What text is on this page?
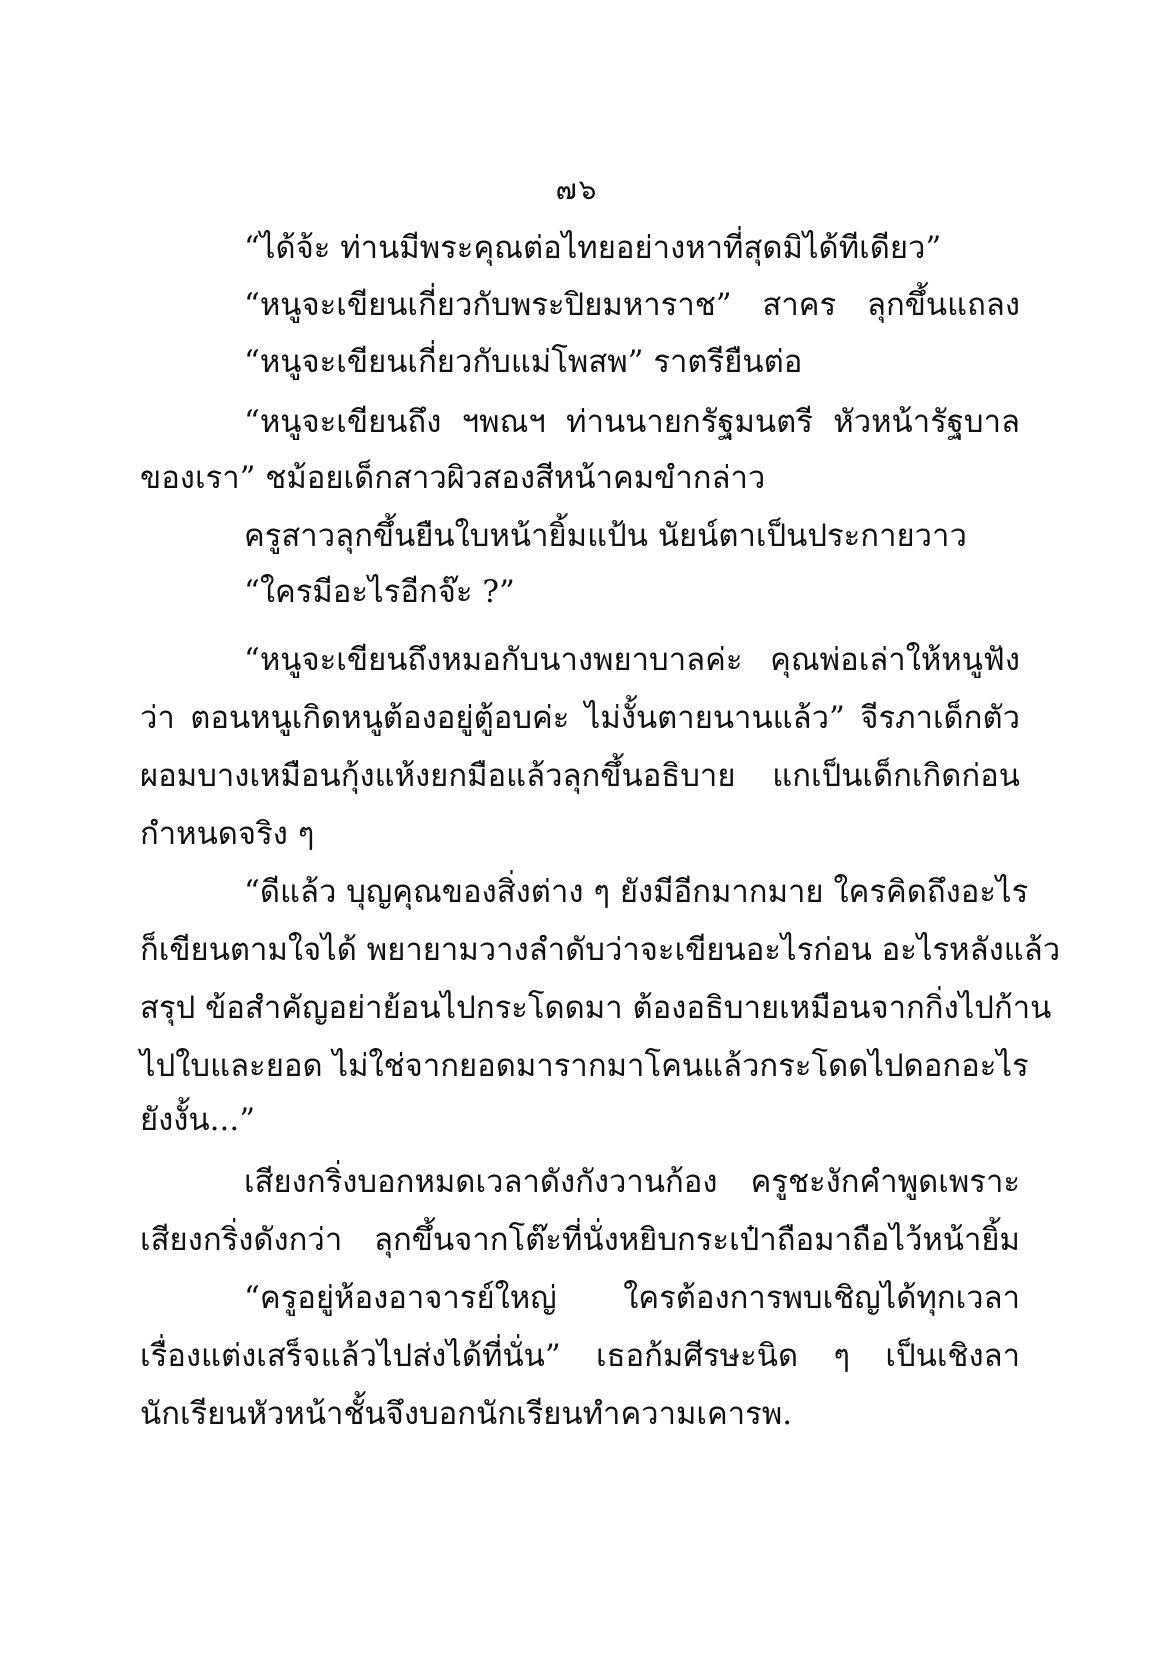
๗๖
“ได้จ้ะ ท่านมีพระคุณต่อไทยอย่างหาที่สุดมิได้ทีเดียว”
“หนูจะเขียนเกี่ยวกับพระปิยมหาราช” สาคร ลุกขึ้นแถลง
“หนูจะเขียนเกี่ยวกับแม่โพสพ” ราตรียืนต่อ
“หนูจะเขียนถึง ฯพณฯ ท่านนายกรัฐมนตรี หัวหน้ารัฐบาล
ของเรา” ชม้อยเด็กสาวผิวสองสีหน้าคมขำกล่าว
ครูสาวลุกขึ้นยืนใบหน้ายิ้มแป้น นัยน์ตาเป็นประกายวาว
“ใครมีอะไรอีกจ๊ะ ?”
“หนูจะเขียนถึงหมอกับนางพยาบาลค่ะ คุณพ่อเล่าให้หนูฟัง
ว่า ตอนหนูเกิดหนูต้องอยู่ตู้อบค่ะ ไม่งั้นตายนานแล้ว” จีรภาเด็กตัว
ผอมบางเหมือนกุ้งแห้งยกมือแล้วลุกขึ้นอธิบาย แกเป็นเด็กเกิดก่อน
กำหนดจริง ๆ
“ดีแล้ว บุญคุณของสิ่งต่าง ๆ ยังมีอีกมากมาย ใครคิดถึงอะไร
ก็เขียนตามใจได้ พยายามวางลำดับว่าจะเขียนอะไรก่อน อะไรหลังแล้ว
สรุป ข้อสำคัญอย่าย้อนไปกระโดดมา ต้องอธิบายเหมือนจากกิ่งไปก้าน
ไปใบและยอด ไม่ใช่จากยอดมารากมาโคนแล้วกระโดดไปดอกอะไร
ยังงั้น...”
เสียงกริ่งบอกหมดเวลาดังกังวานก้อง ครูชะงักคำพูดเพราะ
เสียงกริ่งดังกว่า ลุกขึ้นจากโต๊ะที่นั่งหยิบกระเป๋าถือมาถือไว้หน้ายิ้ม
“ครูอยู่ห้องอาจารย์ใหญ่ ใครต้องการพบเชิญได้ทุกเวลา
เรื่องแต่งเสร็จแล้วไปส่งได้ที่นั่น” เธอก้มศีรษะนิด ๆ เป็นเชิงลา
นักเรียนหัวหน้าชั้นจึงบอกนักเรียนทำความเคารพ.
